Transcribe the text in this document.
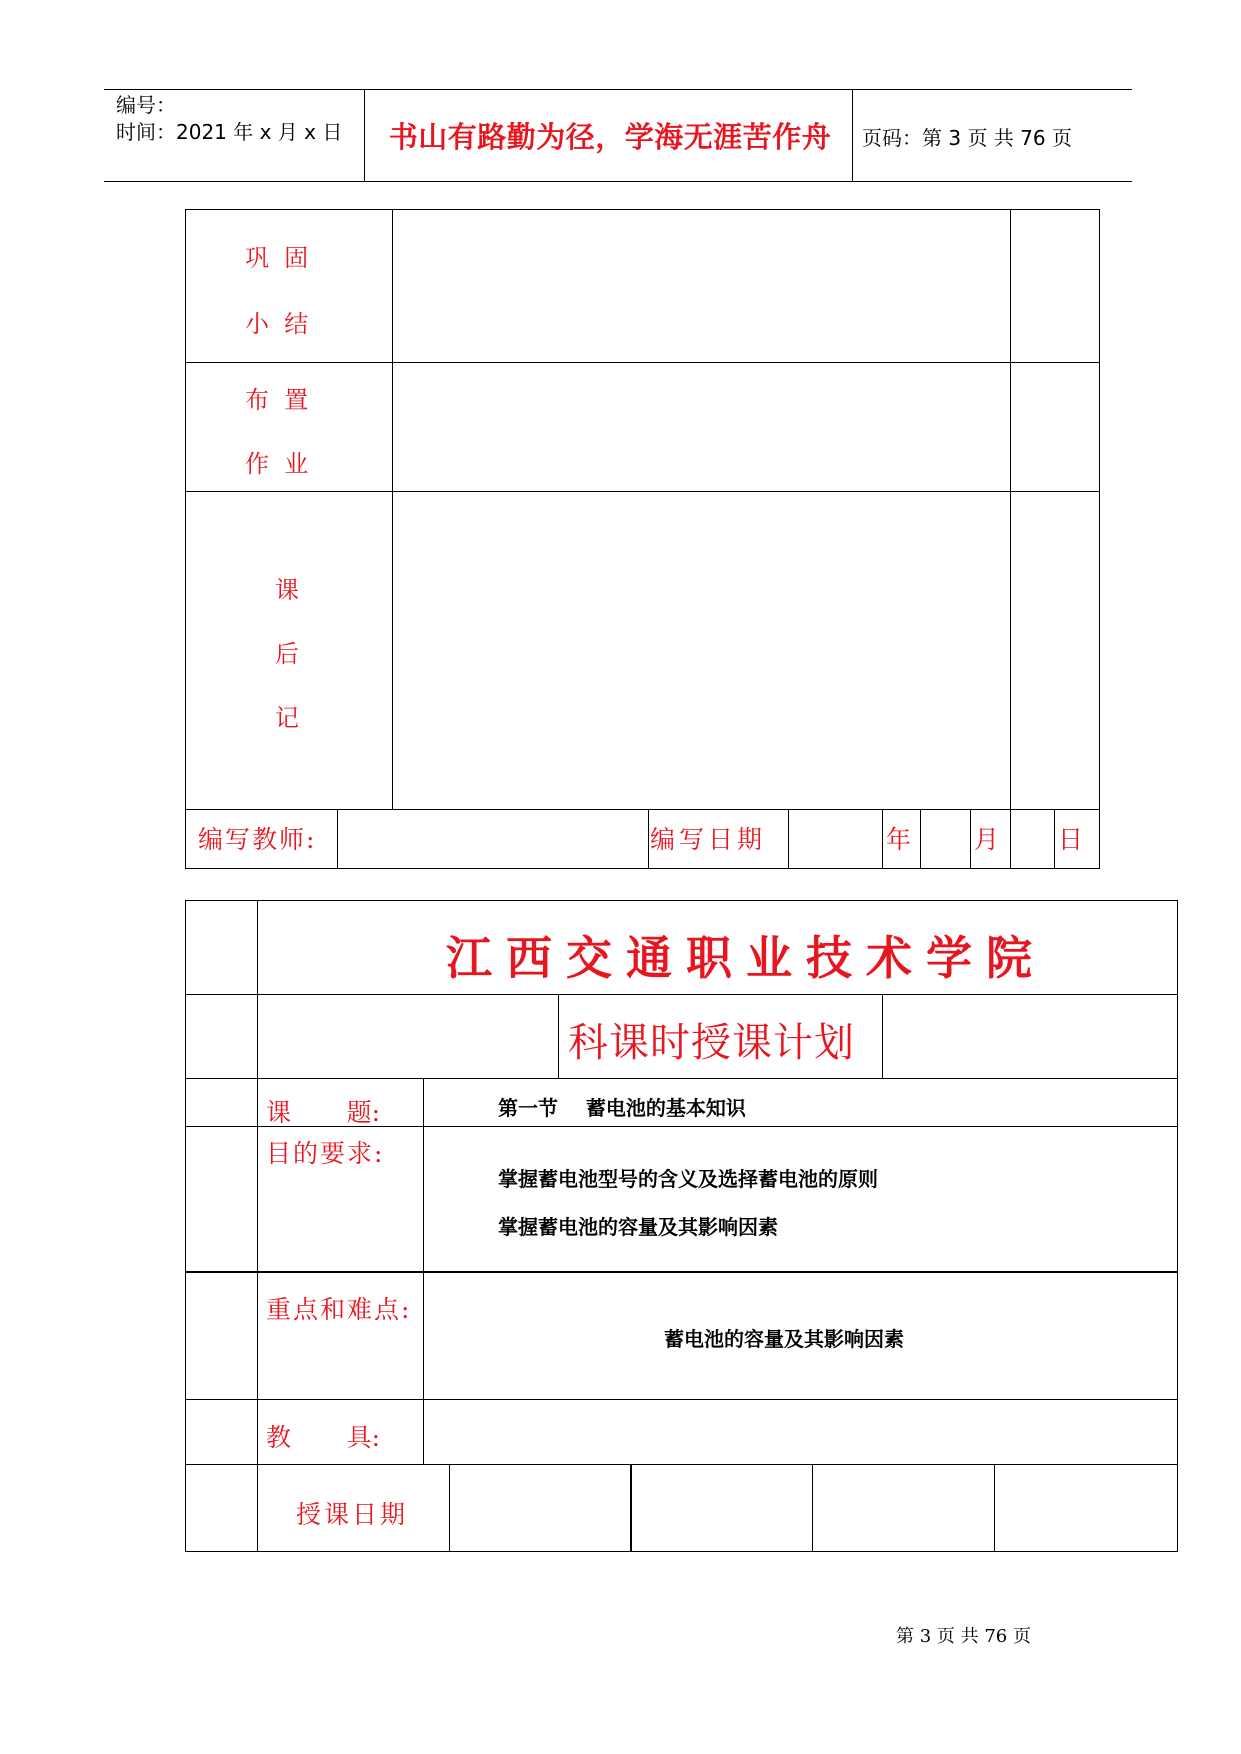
编号：
时间：2021 年 x 月 x 日	书山有路勤为径，学海无涯苦作舟	页码：第 3 页 共 76 页
巩  固
小  结
布  置
作  业
课
后
记
编写教师:	编写日期	年	月 日
江西交通职业技术学院
科课时授课计划
课       题:	第一节    蓄电池的基本知识
目的要求:
掌握蓄电池型号的含义及选择蓄电池的原则
掌握蓄电池的容量及其影响因素
重点和难点:
蓄电池的容量及其影响因素
教       具:
授课日期
第 3 页 共 76 页
